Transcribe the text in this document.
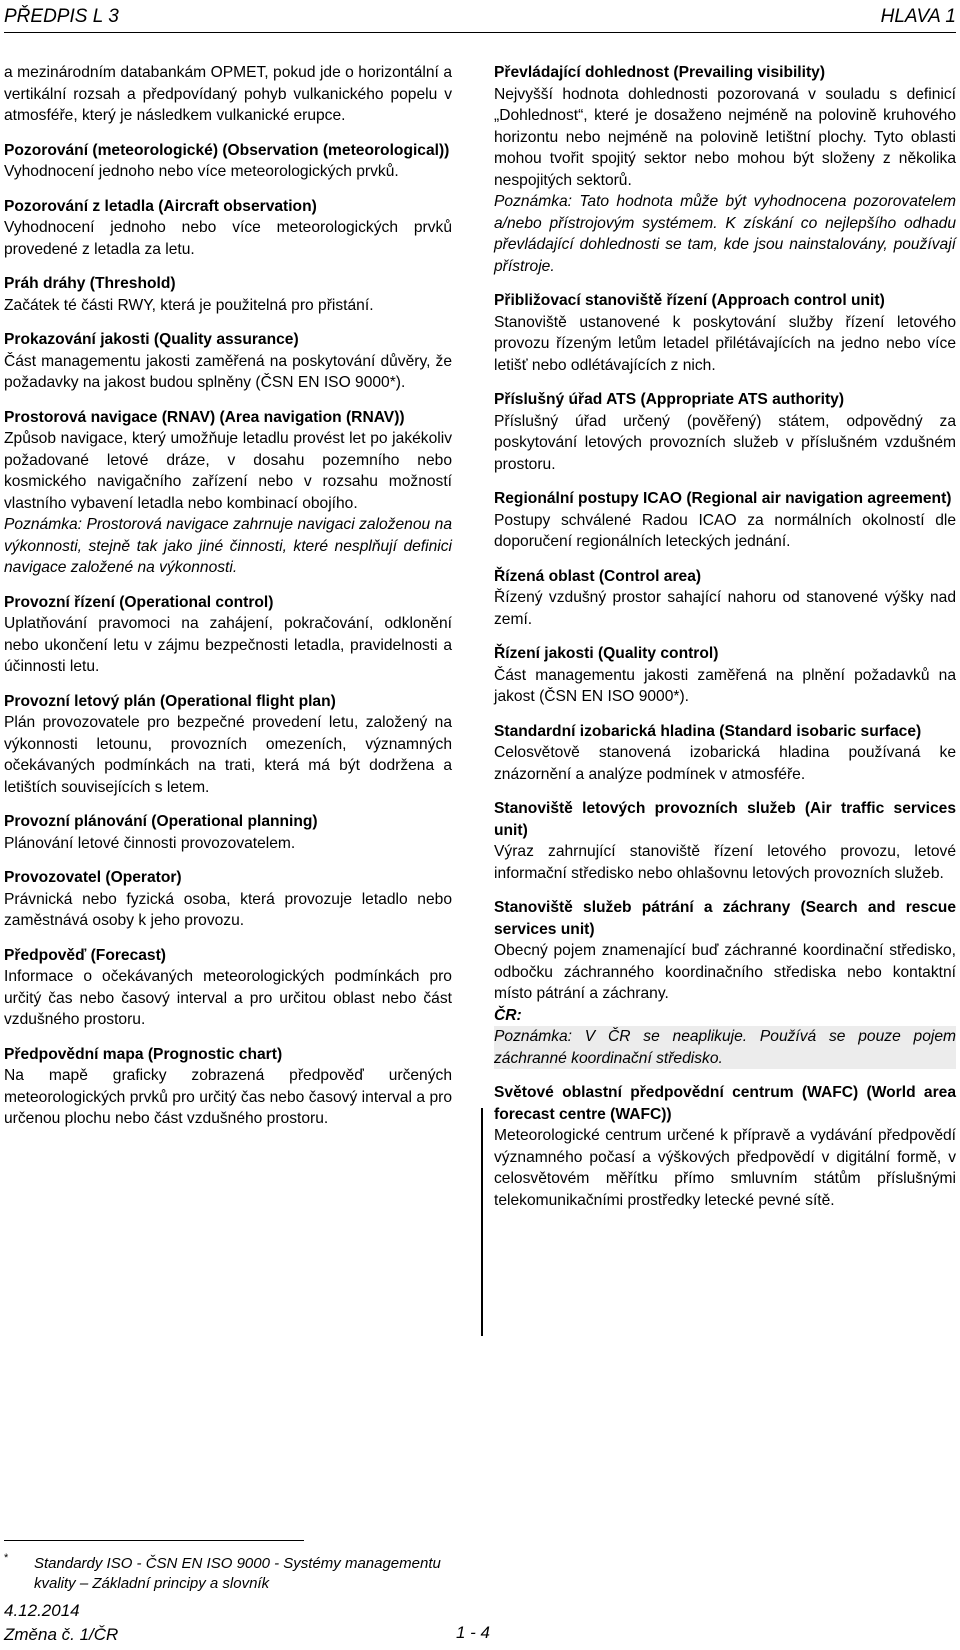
PŘEDPIS L 3	HLAVA 1

a mezinárodním databankám OPMET, pokud jde o horizontální a vertikální rozsah a předpovídaný pohyb vulkanického popelu v atmosféře, který je následkem vulkanické erupce.

Pozorování (meteorologické) (Observation (meteorological))

Vyhodnocení jednoho nebo více meteorologických prvků.

Pozorování z letadla (Aircraft observation)

Vyhodnocení jednoho nebo více meteorologických prvků provedené z letadla za letu.

Práh dráhy (Threshold)

Začátek té části RWY, která je použitelná pro přistání.

Prokazování jakosti (Quality assurance)

Část managementu jakosti zaměřená na poskytování důvěry, že požadavky na jakost budou splněny (ČSN EN ISO 9000*).

Prostorová navigace (RNAV) (Area navigation (RNAV))

Způsob navigace, který umožňuje letadlu provést let po jakékoliv požadované letové dráze, v dosahu pozemního nebo kosmického navigačního zařízení nebo v rozsahu možností vlastního vybavení letadla nebo kombinací obojího.

Poznámka: Prostorová navigace zahrnuje navigaci založenou na výkonnosti, stejně tak jako jiné činnosti, které nesplňují definici navigace založené na výkonnosti.

Provozní řízení (Operational control)

Uplatňování pravomoci na zahájení, pokračování, odklonění nebo ukončení letu v zájmu bezpečnosti letadla, pravidelnosti a účinnosti letu.

Provozní letový plán (Operational flight plan)

Plán provozovatele pro bezpečné provedení letu, založený na výkonnosti letounu, provozních omezeních, významných očekávaných podmínkách na trati, která má být dodržena a letištích souvisejících s letem.

Provozní plánování (Operational planning)

Plánování letové činnosti provozovatelem.

Provozovatel (Operator)

Právnická nebo fyzická osoba, která provozuje letadlo nebo zaměstnává osoby k jeho provozu.

Předpověď (Forecast)

Informace o očekávaných meteorologických podmínkách pro určitý čas nebo časový interval a pro určitou oblast nebo část vzdušného prostoru.

Předpovědní mapa (Prognostic chart)

Na mapě graficky zobrazená předpověď určených meteorologických prvků pro určitý čas nebo časový interval a pro určenou plochu nebo část vzdušného prostoru.

Převládající dohlednost (Prevailing visibility)

Nejvyšší hodnota dohlednosti pozorovaná v souladu s definicí „Dohlednost“, které je dosaženo nejméně na polovině kruhového horizontu nebo nejméně na polovině letištní plochy. Tyto oblasti mohou tvořit spojitý sektor nebo mohou být složeny z několika nespojitých sektorů.

Poznámka: Tato hodnota může být vyhodnocena pozorovatelem a/nebo přístrojovým systémem. K získání co nejlepšího odhadu převládající dohlednosti se tam, kde jsou nainstalovány, používají přístroje.

Přibližovací stanoviště řízení (Approach control unit)

Stanoviště ustanovené k poskytování služby řízení letového provozu řízeným letům letadel přilétávajících na jedno nebo více letišť nebo odlétávajících z nich.

Příslušný úřad ATS (Appropriate ATS authority)

Příslušný úřad určený (pověřený) státem, odpovědný za poskytování letových provozních služeb v příslušném vzdušném prostoru.

Regionální postupy ICAO (Regional air navigation agreement)

Postupy schválené Radou ICAO za normálních okolností dle doporučení regionálních leteckých jednání.

Řízená oblast (Control area)

Řízený vzdušný prostor sahající nahoru od stanovené výšky nad zemí.

Řízení jakosti (Quality control)

Část managementu jakosti zaměřená na plnění požadavků na jakost (ČSN EN ISO 9000*).

Standardní izobarická hladina (Standard isobaric surface)

Celosvětově stanovená izobarická hladina používaná ke znázornění a analýze podmínek v atmosféře.

Stanoviště letových provozních služeb (Air traffic services unit)

Výraz zahrnující stanoviště řízení letového provozu, letové informační středisko nebo ohlašovnu letových provozních služeb.

Stanoviště služeb pátrání a záchrany (Search and rescue services unit)

Obecný pojem znamenající buď záchranné koordinační středisko, odbočku záchranného koordinačního střediska nebo kontaktní místo pátrání a záchrany.

ČR:

Poznámka: V ČR se neaplikuje. Používá se pouze pojem záchranné koordinační středisko.

Světové oblastní předpovědní centrum (WAFC) (World area forecast centre (WAFC))

Meteorologické centrum určené k přípravě a vydávání předpovědí významného počasí a výškových předpovědí v digitální formě, v celosvětovém měřítku přímo smluvním státům příslušnými telekomunikačními prostředky letecké pevné sítě.

* Standardy ISO - ČSN EN ISO 9000 - Systémy managementu kvality – Základní principy a slovník
4.12.2014
Změna č. 1/ČR	1 - 4
